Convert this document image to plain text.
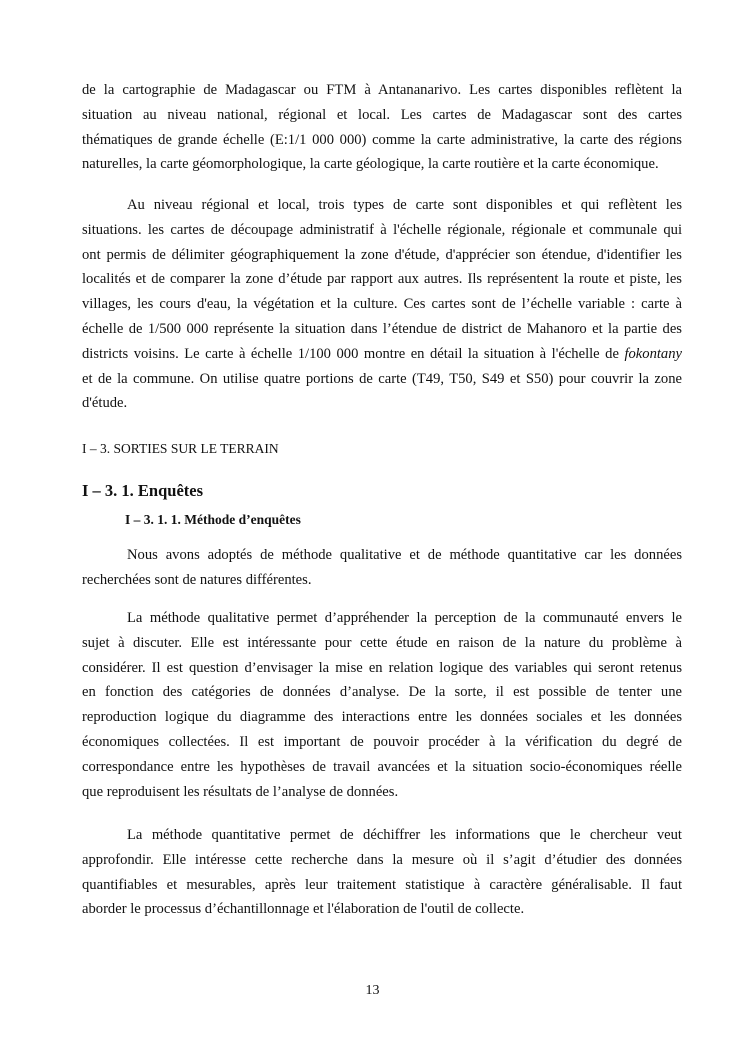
de la cartographie de Madagascar ou FTM à Antananarivo. Les cartes disponibles reflètent la
situation au niveau national, régional et local. Les cartes de Madagascar sont des cartes
thématiques de grande échelle (E:1/1 000 000) comme la carte administrative, la carte des régions
naturelles, la carte géomorphologique, la carte géologique, la carte routière et la carte économique.
Au niveau régional et local, trois types de carte sont disponibles et qui reflètent les
situations. les cartes de découpage administratif à l'échelle régionale, régionale et communale qui
ont permis de délimiter géographiquement la zone d'étude, d'apprécier son étendue, d'identifier les
localités et de comparer la zone d’étude par rapport aux autres. Ils représentent la route et piste, les
villages, les cours d'eau, la végétation et la culture. Ces cartes sont de l’échelle variable : carte à
échelle de 1/500 000 représente la situation dans l’étendue de district de Mahanoro et la partie des
districts voisins. Le carte à échelle 1/100 000 montre en détail la situation à l'échelle de fokontany
et de la commune. On utilise quatre portions de carte (T49, T50, S49 et S50) pour couvrir la zone
d'étude.
I – 3. SORTIES SUR LE TERRAIN
I – 3. 1. Enquêtes
I – 3. 1. 1. Méthode d’enquêtes
Nous avons adoptés de méthode qualitative et de méthode quantitative car les données
recherchées sont de natures différentes.
La méthode qualitative permet d’appréhender la perception de la communauté envers le
sujet à discuter. Elle est intéressante pour cette étude en raison de la nature du problème à
considérer. Il est question d’envisager la mise en relation logique des variables qui seront retenus
en fonction des catégories de données d’analyse. De la sorte, il est possible de tenter une
reproduction logique du diagramme des interactions entre les données sociales et les données
économiques collectées. Il est important de pouvoir procéder à la vérification du degré de
correspondance entre les hypothèses de travail avancées et la situation socio-économiques réelle
que reproduisent les résultats de l’analyse de données.
La méthode quantitative permet de déchiffrer les informations que le chercheur veut
approfondir. Elle intéresse cette recherche dans la mesure où il s’agit d’étudier des données
quantifiables et mesurables, après leur traitement statistique à caractère généralisable. Il faut
aborder le processus d’échantillonnage et l'élaboration de l'outil de collecte.
13
